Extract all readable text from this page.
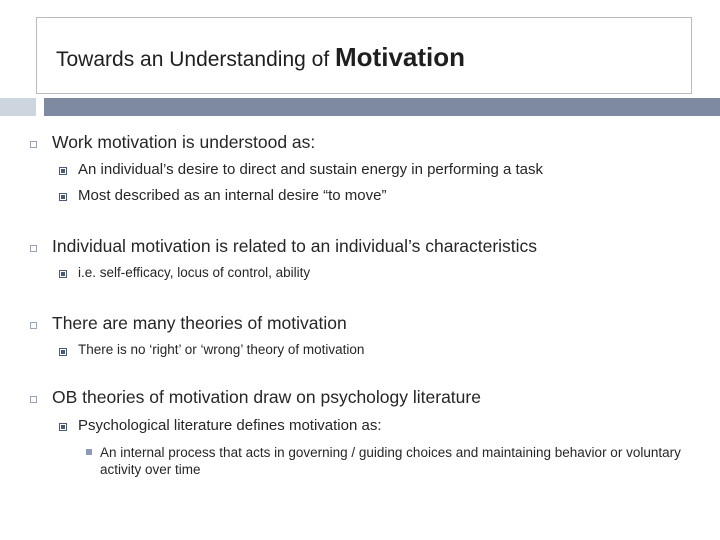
Towards an Understanding of Motivation
Work motivation is understood as:
An individual’s desire to direct and sustain energy in performing a task
Most described as an internal desire “to move”
Individual motivation is related to an individual’s characteristics
i.e. self-efficacy, locus of control, ability
There are many theories of motivation
There is no ‘right’ or ‘wrong’ theory of motivation
OB theories of motivation draw on psychology literature
Psychological literature defines motivation as:
An internal process that acts in governing / guiding choices and maintaining behavior or voluntary activity over time
